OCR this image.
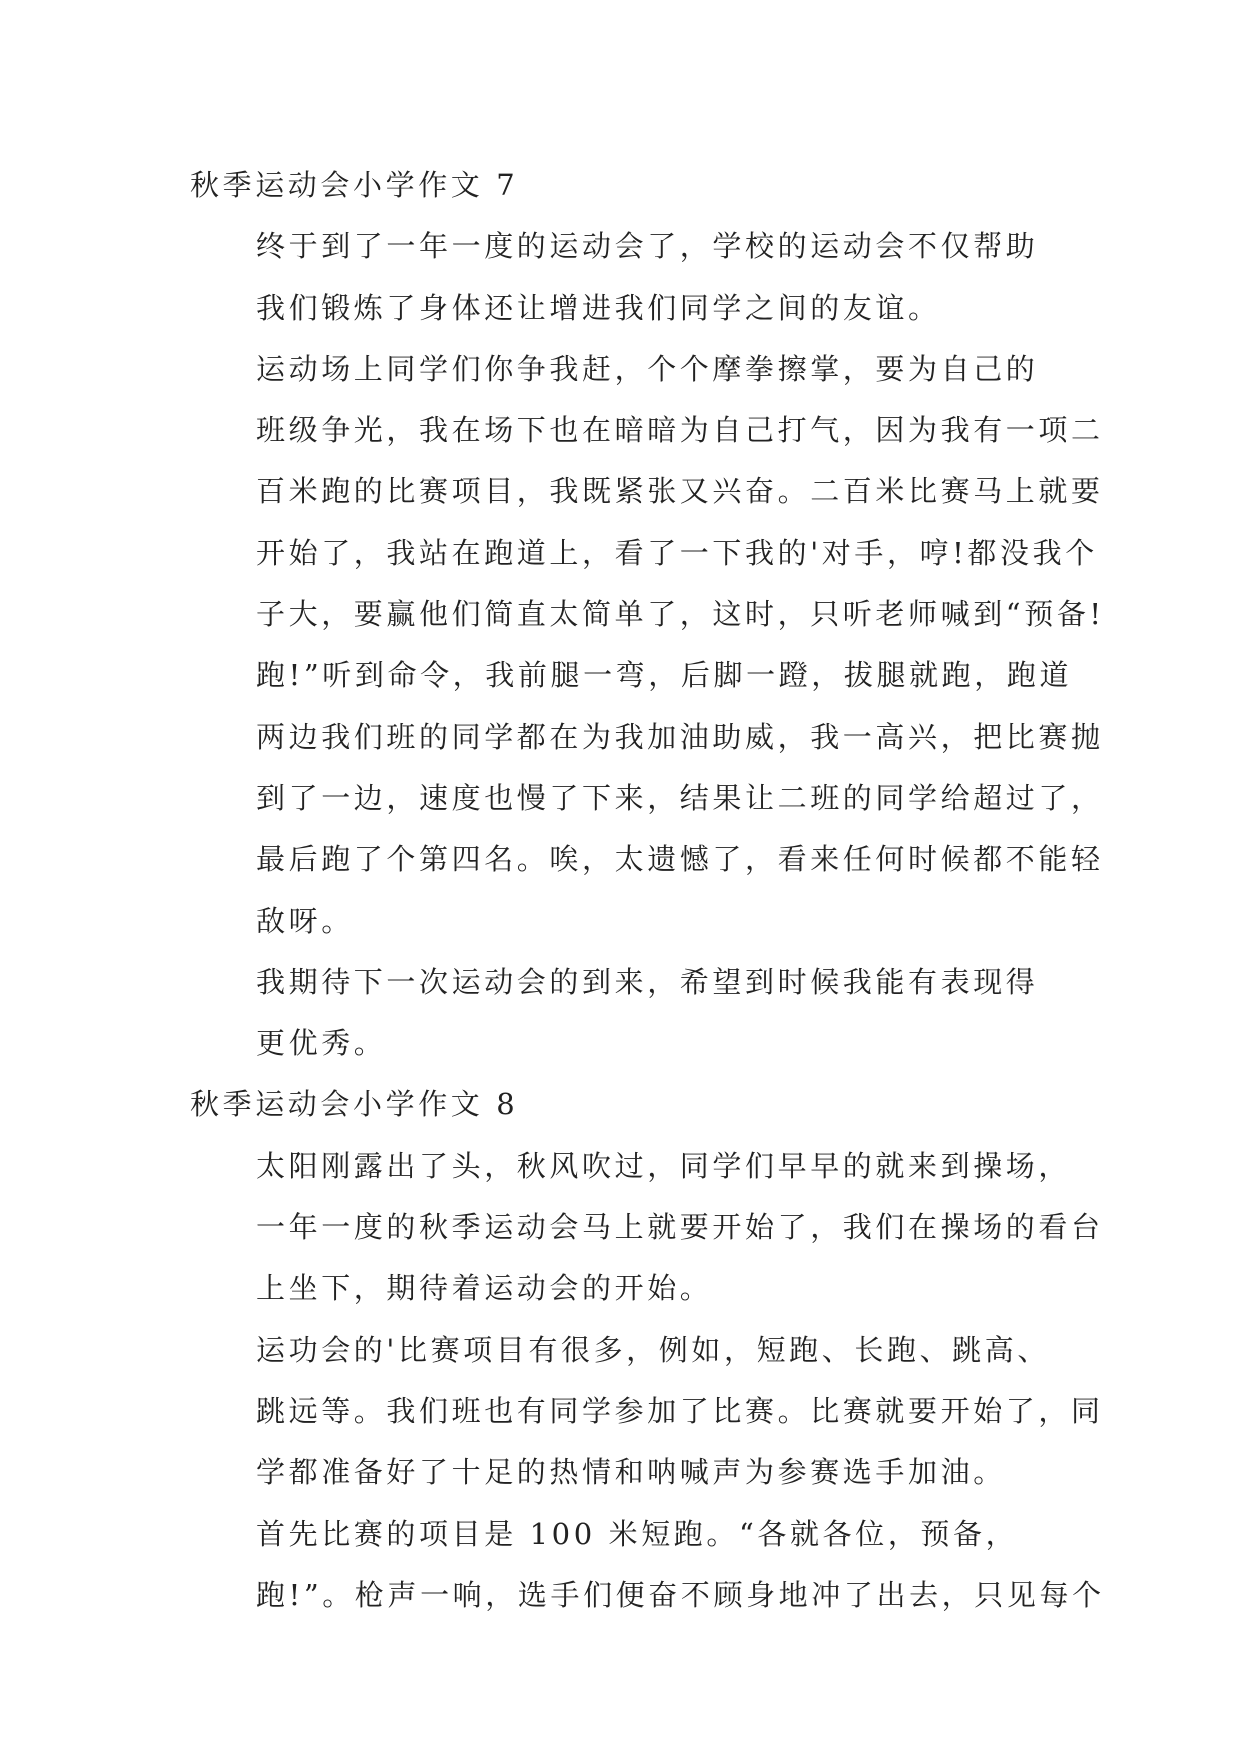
秋季运动会小学作文 7

终于到了一年一度的运动会了，学校的运动会不仅帮助
我们锻炼了身体还让增进我们同学之间的友谊。

运动场上同学们你争我赶，个个摩拳擦掌，要为自己的
班级争光，我在场下也在暗暗为自己打气，因为我有一项二
百米跑的比赛项目，我既紧张又兴奋。二百米比赛马上就要
开始了，我站在跑道上，看了一下我的'对手，哼!都没我个
子大，要赢他们简直太简单了，这时，只听老师喊到“预备!
跑!”听到命令，我前腿一弯，后脚一蹬，拔腿就跑，跑道
两边我们班的同学都在为我加油助威，我一高兴，把比赛抛
到了一边，速度也慢了下来，结果让二班的同学给超过了，
最后跑了个第四名。唉，太遗憾了，看来任何时候都不能轻
敌呀。

我期待下一次运动会的到来，希望到时候我能有表现得
更优秀。

秋季运动会小学作文 8

太阳刚露出了头，秋风吹过，同学们早早的就来到操场，
一年一度的秋季运动会马上就要开始了，我们在操场的看台
上坐下，期待着运动会的开始。

运功会的'比赛项目有很多，例如，短跑、长跑、跳高、
跳远等。我们班也有同学参加了比赛。比赛就要开始了，同
学都准备好了十足的热情和呐喊声为参赛选手加油。

首先比赛的项目是 100 米短跑。“各就各位，预备，
跑!”。枪声一响，选手们便奋不顾身地冲了出去，只见每个
